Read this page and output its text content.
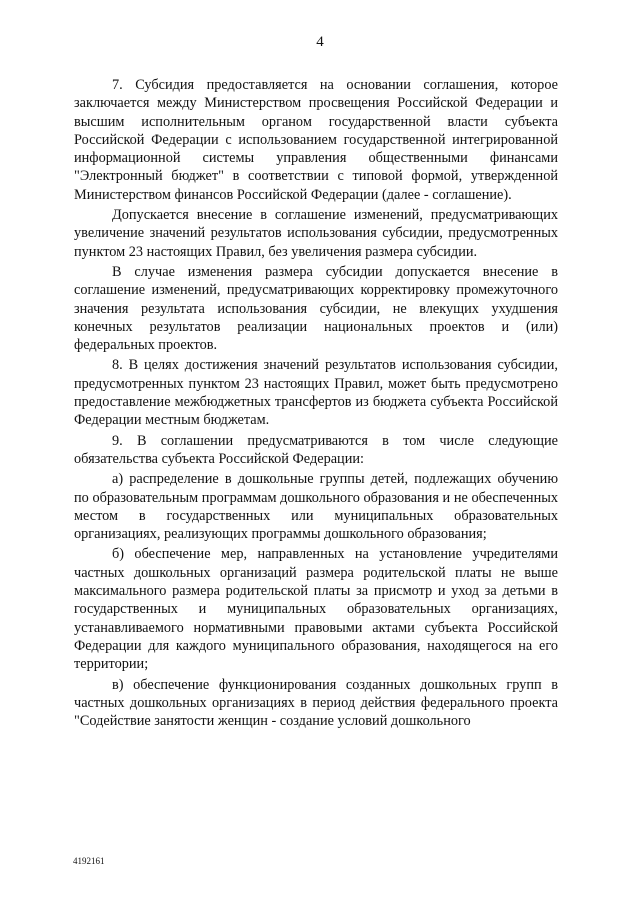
4

7. Субсидия предоставляется на основании соглашения, которое заключается между Министерством просвещения Российской Федерации и высшим исполнительным органом государственной власти субъекта Российской Федерации с использованием государственной интегрированной информационной системы управления общественными финансами "Электронный бюджет" в соответствии с типовой формой, утвержденной Министерством финансов Российской Федерации (далее - соглашение).

Допускается внесение в соглашение изменений, предусматривающих увеличение значений результатов использования субсидии, предусмотренных пунктом 23 настоящих Правил, без увеличения размера субсидии.

В случае изменения размера субсидии допускается внесение в соглашение изменений, предусматривающих корректировку промежуточного значения результата использования субсидии, не влекущих ухудшения конечных результатов реализации национальных проектов и (или) федеральных проектов.

8. В целях достижения значений результатов использования субсидии, предусмотренных пунктом 23 настоящих Правил, может быть предусмотрено предоставление межбюджетных трансфертов из бюджета субъекта Российской Федерации местным бюджетам.

9. В соглашении предусматриваются в том числе следующие обязательства субъекта Российской Федерации:

а) распределение в дошкольные группы детей, подлежащих обучению по образовательным программам дошкольного образования и не обеспеченных местом в государственных или муниципальных образовательных организациях, реализующих программы дошкольного образования;

б) обеспечение мер, направленных на установление учредителями частных дошкольных организаций размера родительской платы не выше максимального размера родительской платы за присмотр и уход за детьми в государственных и муниципальных образовательных организациях, устанавливаемого нормативными правовыми актами субъекта Российской Федерации для каждого муниципального образования, находящегося на его территории;

в) обеспечение функционирования созданных дошкольных групп в частных дошкольных организациях в период действия федерального проекта "Содействие занятости женщин - создание условий дошкольного

4192161
